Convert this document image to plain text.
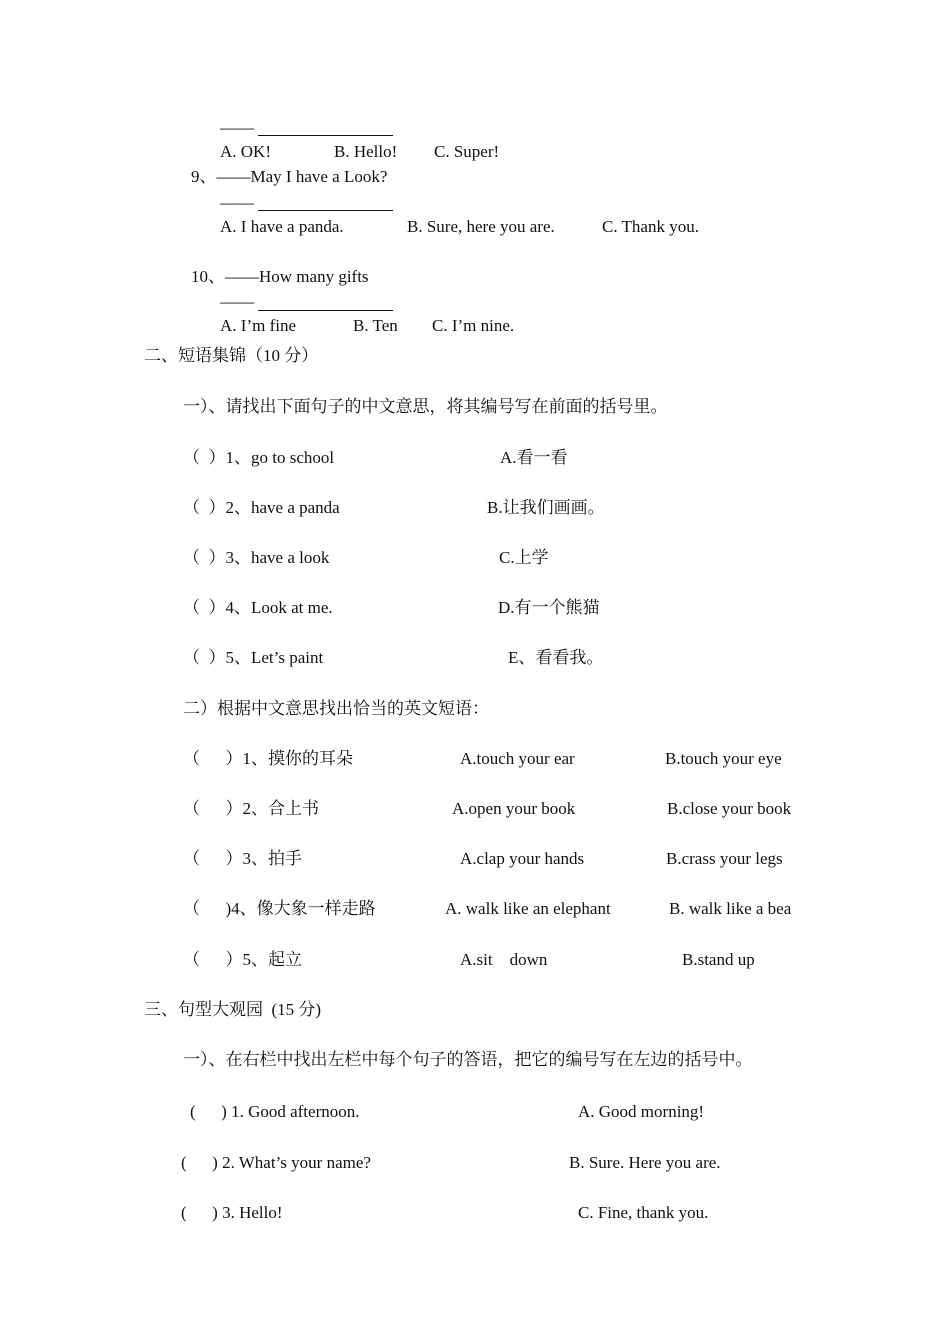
——
A. OK!	B. Hello! C. Super!
9、——May I have a Look?
——
A. I have a panda.	B. Sure, here you are.	C. Thank you.
10、——How many gifts
——
A. I’m fine	B. Ten C. I’m nine.
二、短语集锦（10 分）
一）、请找出下面句子的中文意思，将其编号写在前面的括号里。
（  ）1、go to school	A.看一看
（  ）2、have a panda	B.让我们画画。
（  ）3、have a look	C.上学
（  ）4、Look at me.	D.有一个熊猫
（  ）5、Let’s paint	E、看看我。
二）根据中文意思找出恰当的英文短语：
（      ）1、摸你的耳朵	A.touch your ear	B.touch your eye
（      ）2、合上书	A.open your book	B.close your book
（      ）3、拍手	A.clap your hands	B.crass your legs
（      )4、像大象一样走路	A. walk like an elephant	B. walk like a bea
（      ）5、起立	A.sit    down	B.stand up
三、句型大观园  (15 分)
一）、在右栏中找出左栏中每个句子的答语，把它的编号写在左边的括号中。
(      ) 1. Good afternoon.	A. Good morning!
(      ) 2. What’s your name?	B. Sure. Here you are.
(      ) 3. Hello!	C. Fine, thank you.
